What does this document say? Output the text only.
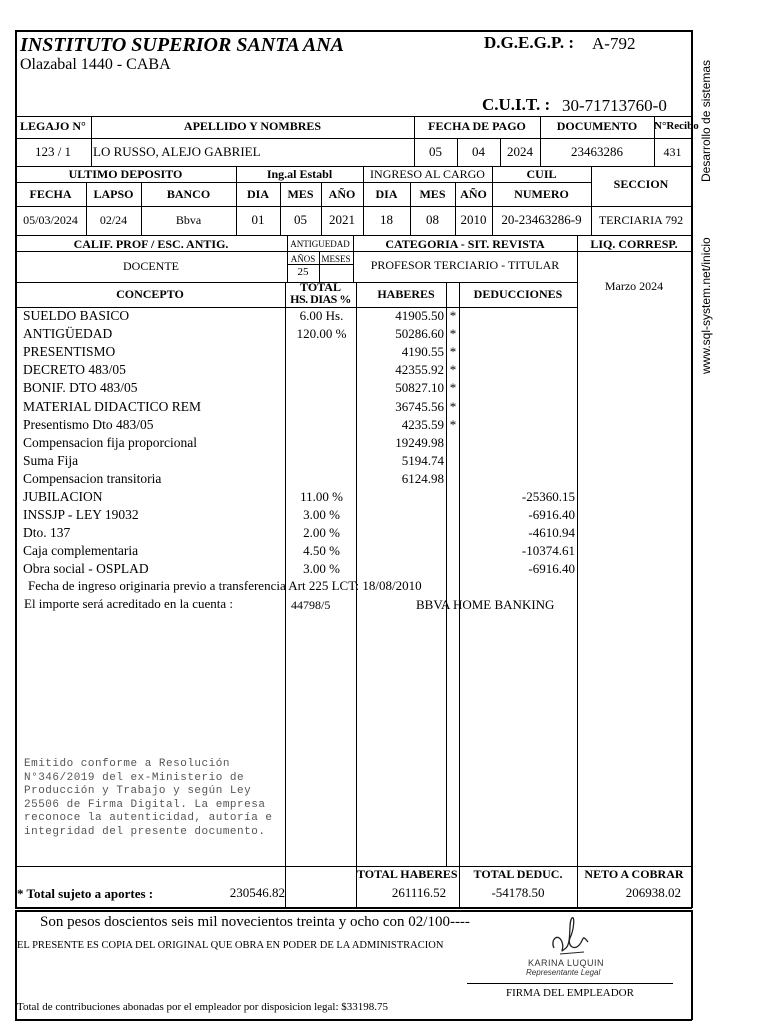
Desarrollo de sistemas
www.sql-system.net/inicio
INSTITUTO SUPERIOR SANTA ANA
Olazabal 1440 - CABA
D.G.E.G.P. : A-792
C.U.I.T. : 30-71713760-0
LEGAJO N°	APELLIDO Y NOMBRES	FECHA DE PAGO	DOCUMENTO	N°Recibo
123 / 1	LO RUSSO, ALEJO GABRIEL	05	04	2024	23463286	431
ULTIMO DEPOSITO	Ing.al Establ	INGRESO AL CARGO	CUIL
SECCION
FECHA	LAPSO	BANCO	DIA	MES	AÑO	DIA	MES	AÑO	NUMERO
05/03/2024	02/24	Bbva	01	05	2021	18	08	2010	20-23463286-9	TERCIARIA 792
CALIF. PROF / ESC. ANTIG.	ANTIGUEDAD	CATEGORIA - SIT. REVISTA	LIQ. CORRESP.
DOCENTE	AÑOS MESES
25	PROFESOR TERCIARIO - TITULAR
Marzo 2024
CONCEPTO	TOTAL
HS. DIAS %	HABERES	DEDUCCIONES
SUELDO BASICO	6.00 Hs.	41905.50 *
ANTIGÜEDAD	120.00 %	50286.60 *
PRESENTISMO	4190.55 *
DECRETO 483/05	42355.92 *
BONIF. DTO 483/05	50827.10 *
MATERIAL DIDACTICO REM	36745.56 *
Presentismo Dto 483/05	4235.59 *
Compensacion fija proporcional	19249.98
Suma Fija	5194.74
Compensacion transitoria	6124.98
JUBILACION	11.00 %	-25360.15
INSSJP - LEY 19032	3.00 %	-6916.40
Dto. 137	2.00 %	-4610.94
Caja complementaria	4.50 %	-10374.61
Obra social - OSPLAD	3.00 %	-6916.40
Fecha de ingreso originaria previo a transferencia Art 225 LCT: 18/08/2010
El importe será acreditado en la cuenta :	44798/5	BBVA HOME BANKING
Emitido conforme a Resolución
N°346/2019 del ex-Ministerio de
Producción y Trabajo y según Ley
25506 de Firma Digital. La empresa
reconoce la autenticidad, autoría e
integridad del presente documento.
TOTAL HABERES	TOTAL DEDUC.	NETO A COBRAR
* Total sujeto a aportes :	230546.82	261116.52	-54178.50	206938.02
Son pesos doscientos seis mil novecientos treinta y ocho con 02/100----
EL PRESENTE ES COPIA DEL ORIGINAL QUE OBRA EN PODER DE LA ADMINISTRACION
KARINA LUQUIN
Representante Legal
FIRMA DEL EMPLEADOR
Total de contribuciones abonadas por el empleador por disposicion legal: $33198.75
